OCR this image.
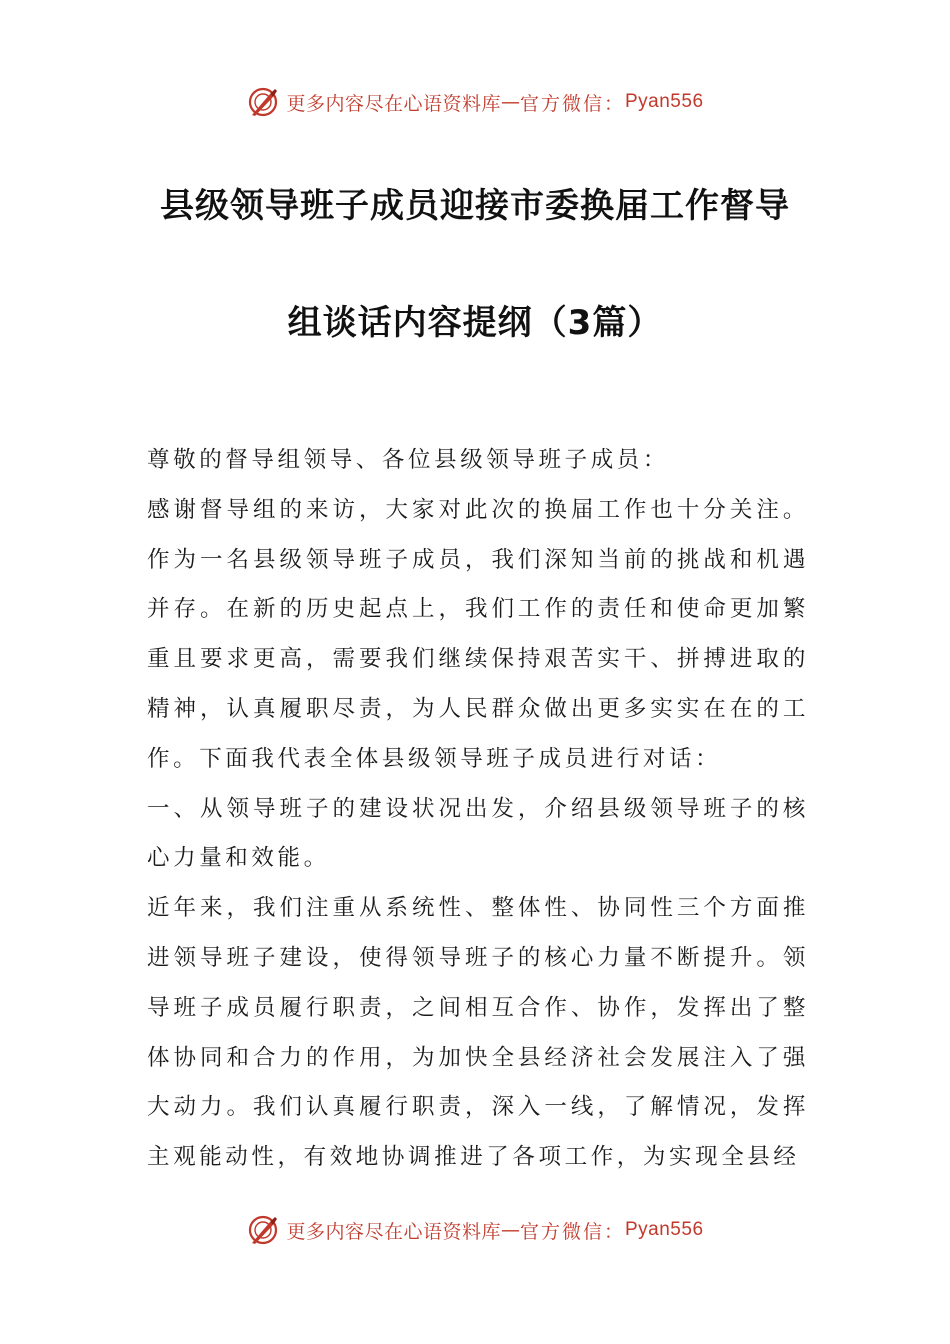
更多内容尽在心语资料库 — 官方微信： Pyan556
县级领导班子成员迎接市委换届工作督导
组谈话内容提纲（3篇）

尊敬的督导组领导、各位县级领导班子成员：

感谢督导组的来访，大家对此次的换届工作也十分关注。作为一名县级领导班子成员，我们深知当前的挑战和机遇并存。在新的历史起点上，我们工作的责任和使命更加繁重且要求更高，需要我们继续保持艰苦实干、拼搏进取的精神，认真履职尽责，为人民群众做出更多实实在在的工作。下面我代表全体县级领导班子成员进行对话：

一、从领导班子的建设状况出发，介绍县级领导班子的核心力量和效能。

近年来，我们注重从系统性、整体性、协同性三个方面推进领导班子建设，使得领导班子的核心力量不断提升。领导班子成员履行职责，之间相互合作、协作，发挥出了整体协同和合力的作用，为加快全县经济社会发展注入了强大动力。我们认真履行职责，深入一线，了解情况，发挥主观能动性，有效地协调推进了各项工作，为实现全县经

更多内容尽在心语资料库 — 官方微信： Pyan556
